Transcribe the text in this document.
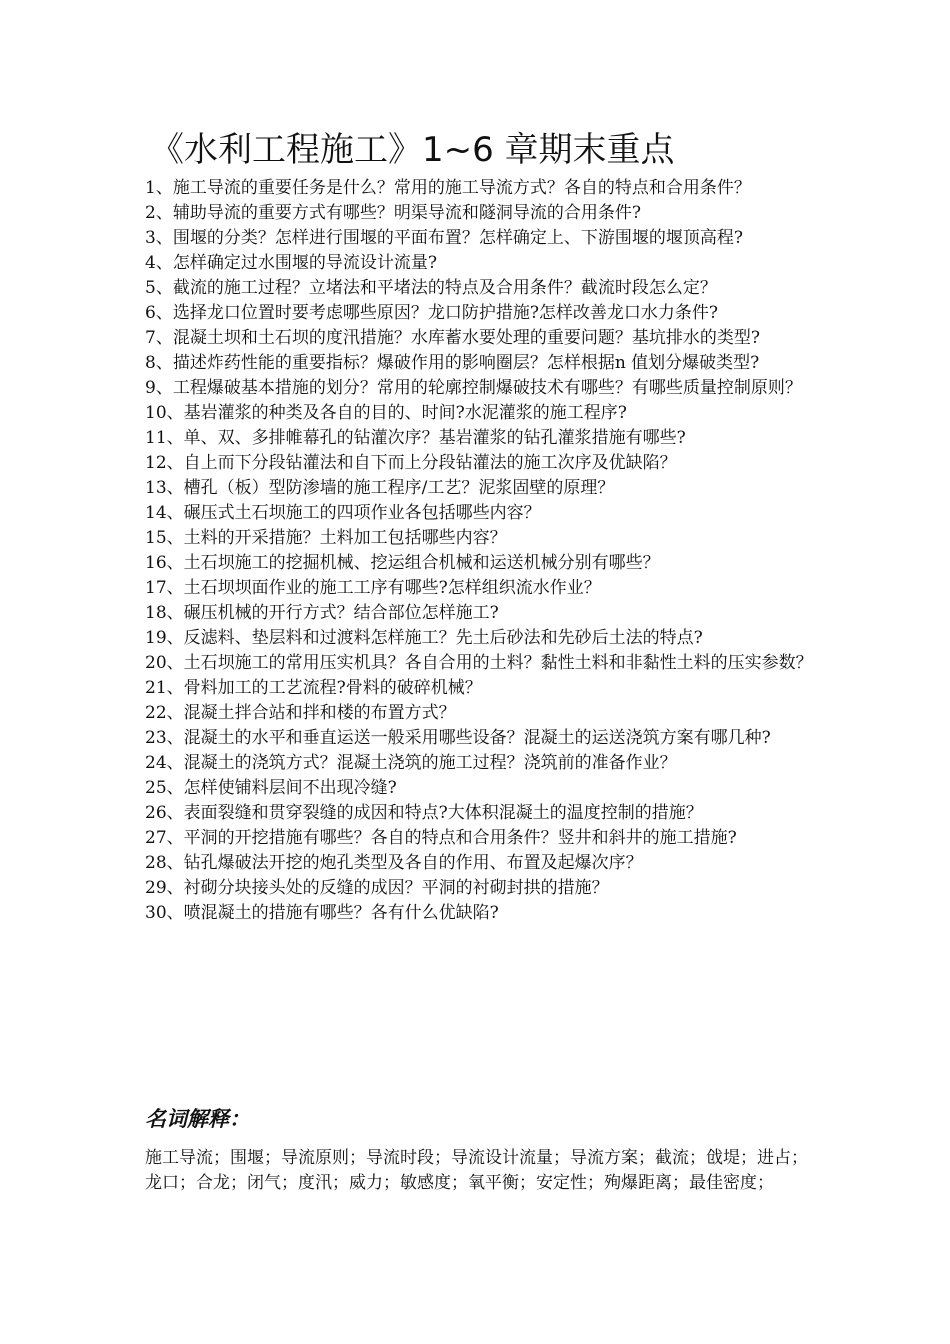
《水利工程施工》1~6 章期末重点
1、施工导流的重要任务是什么？常用的施工导流方式？各自的特点和合用条件？
2、辅助导流的重要方式有哪些？明渠导流和隧洞导流的合用条件?
3、围堰的分类？怎样进行围堰的平面布置？怎样确定上、下游围堰的堰顶高程?
4、怎样确定过水围堰的导流设计流量?
5、截流的施工过程？立堵法和平堵法的特点及合用条件？截流时段怎么定？
6、选择龙口位置时要考虑哪些原因？龙口防护措施?怎样改善龙口水力条件?
7、混凝土坝和土石坝的度汛措施？水库蓄水要处理的重要问题？基坑排水的类型?
8、描述炸药性能的重要指标？爆破作用的影响圈层？怎样根据n 值划分爆破类型?
9、工程爆破基本措施的划分？常用的轮廓控制爆破技术有哪些？有哪些质量控制原则？
10、基岩灌浆的种类及各自的目的、时间?水泥灌浆的施工程序?
11、单、双、多排帷幕孔的钻灌次序？基岩灌浆的钻孔灌浆措施有哪些?
12、自上而下分段钻灌法和自下而上分段钻灌法的施工次序及优缺陷？
13、槽孔（板）型防渗墙的施工程序/工艺？泥浆固壁的原理？
14、碾压式土石坝施工的四项作业各包括哪些内容？
15、土料的开采措施？土料加工包括哪些内容？
16、土石坝施工的挖掘机械、挖运组合机械和运送机械分别有哪些？
17、土石坝坝面作业的施工工序有哪些?怎样组织流水作业？
18、碾压机械的开行方式？结合部位怎样施工?
19、反滤料、垫层料和过渡料怎样施工？先土后砂法和先砂后土法的特点?
20、土石坝施工的常用压实机具？各自合用的土料？黏性土料和非黏性土料的压实参数？
21、骨料加工的工艺流程?骨料的破碎机械？
22、混凝土拌合站和拌和楼的布置方式？
23、混凝土的水平和垂直运送一般采用哪些设备？混凝土的运送浇筑方案有哪几种?
24、混凝土的浇筑方式？混凝土浇筑的施工过程？浇筑前的准备作业？
25、怎样使铺料层间不出现冷缝?
26、表面裂缝和贯穿裂缝的成因和特点?大体积混凝土的温度控制的措施？
27、平洞的开挖措施有哪些？各自的特点和合用条件？竖井和斜井的施工措施?
28、钻孔爆破法开挖的炮孔类型及各自的作用、布置及起爆次序？
29、衬砌分块接头处的反缝的成因？平洞的衬砌封拱的措施？
30、喷混凝土的措施有哪些？各有什么优缺陷?
名词解释：

施工导流；围堰；导流原则；导流时段；导流设计流量；导流方案；截流；戗堤；进占；

龙口；合龙；闭气；度汛；威力；敏感度；氧平衡；安定性；殉爆距离；最佳密度；
